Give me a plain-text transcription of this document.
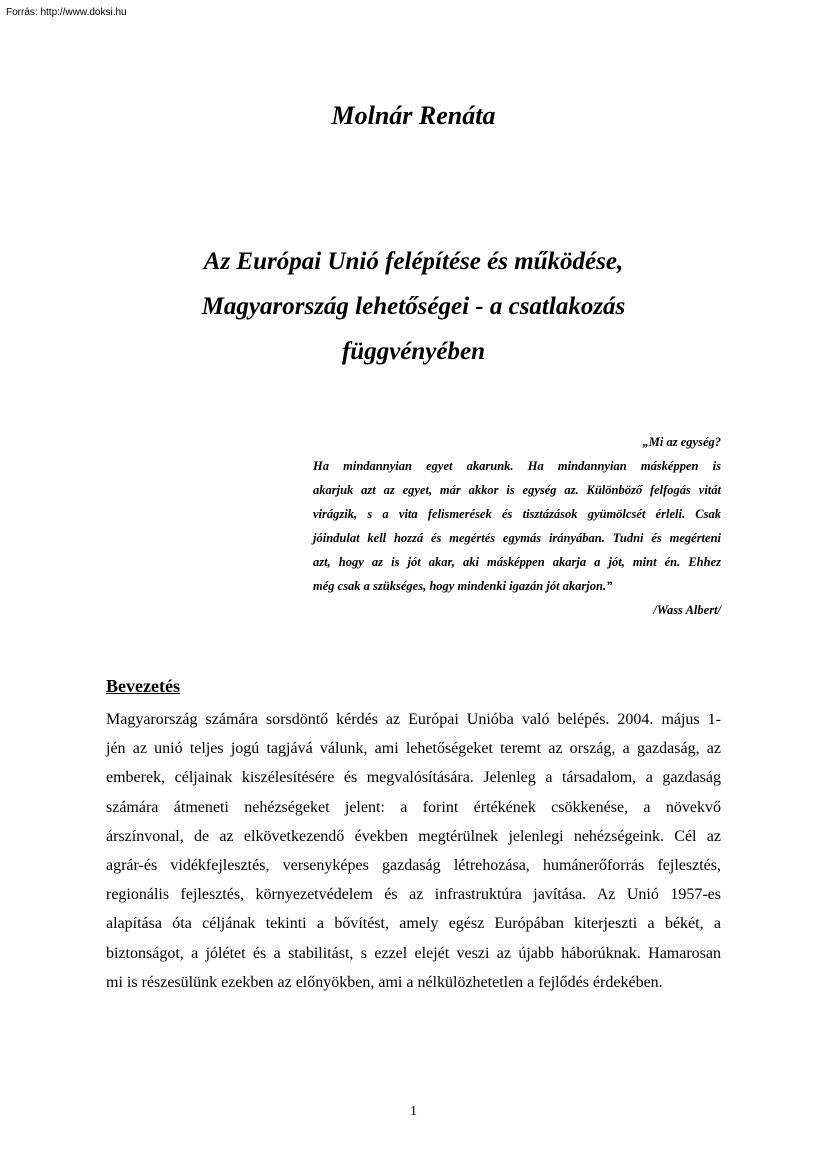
Forrás: http://www.doksi.hu
Molnár Renáta
Az Európai Unió felépítése és működése,
Magyarország lehetőségei - a csatlakozás
függvényében
„Mi az egység?
Ha mindannyian egyet akarunk. Ha mindannyian másképpen is
akarjuk azt az egyet, már akkor is egység az. Különböző felfogás vitát
virágzik, s a vita felismerések és tisztázások gyümölcsét érleli. Csak
jóindulat kell hozzá és megértés egymás irányában. Tudni és megérteni
azt, hogy az is jót akar, aki másképpen akarja a jót, mint én. Ehhez
még csak a szükséges, hogy mindenki igazán jót akarjon.”
/Wass Albert/
Bevezetés
Magyarország számára sorsdöntő kérdés az Európai Unióba való belépés. 2004. május 1-
jén az unió teljes jogú tagjává válunk, ami lehetőségeket teremt az ország, a gazdaság, az
emberek, céljainak kiszélesítésére és megvalósítására. Jelenleg a társadalom, a gazdaság
számára átmeneti nehézségeket jelent: a forint értékének csökkenése, a növekvő
árszínvonal, de az elkövetkezendő években megtérülnek jelenlegi nehézségeink. Cél az
agrár-és vidékfejlesztés, versenyképes gazdaság létrehozása, humánerőforrás fejlesztés,
regionális fejlesztés, környezetvédelem és az infrastruktúra javítása. Az Unió 1957-es
alapítása óta céljának tekinti a bővítést, amely egész Európában kiterjeszti a békét, a
biztonságot, a jólétet és a stabilitást, s ezzel elejét veszi az újabb háborúknak. Hamarosan
mi is részesülünk ezekben az előnyökben, ami a nélkülözhetetlen a fejlődés érdekében.
1
